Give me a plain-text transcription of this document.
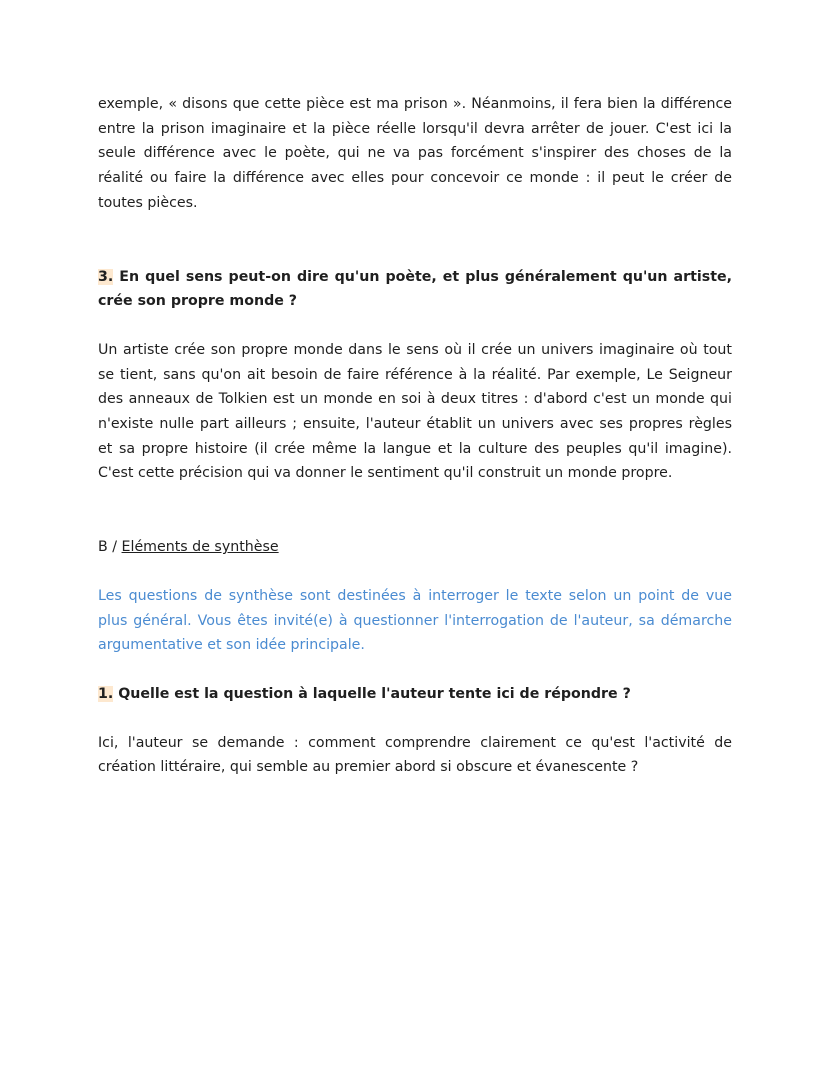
exemple, « disons que cette pièce est ma prison ». Néanmoins, il fera bien la différence entre la prison imaginaire et la pièce réelle lorsqu'il devra arrêter de jouer. C'est ici la seule différence avec le poète, qui ne va pas forcément s'inspirer des choses de la réalité ou faire la différence avec elles pour concevoir ce monde : il peut le créer de toutes pièces.

3. En quel sens peut-on dire qu'un poète, et plus généralement qu'un artiste, crée son propre monde ?

Un artiste crée son propre monde dans le sens où il crée un univers imaginaire où tout se tient, sans qu'on ait besoin de faire référence à la réalité. Par exemple, Le Seigneur des anneaux de Tolkien est un monde en soi à deux titres : d'abord c'est un monde qui n'existe nulle part ailleurs ; ensuite, l'auteur établit un univers avec ses propres règles et sa propre histoire (il crée même la langue et la culture des peuples qu'il imagine). C'est cette précision qui va donner le sentiment qu'il construit un monde propre.

B / Eléments de synthèse

Les questions de synthèse sont destinées à interroger le texte selon un point de vue plus général. Vous êtes invité(e) à questionner l'interrogation de l'auteur, sa démarche argumentative et son idée principale.

1. Quelle est la question à laquelle l'auteur tente ici de répondre ?

Ici, l'auteur se demande : comment comprendre clairement ce qu'est l'activité de création littéraire, qui semble au premier abord si obscure et évanescente ?
